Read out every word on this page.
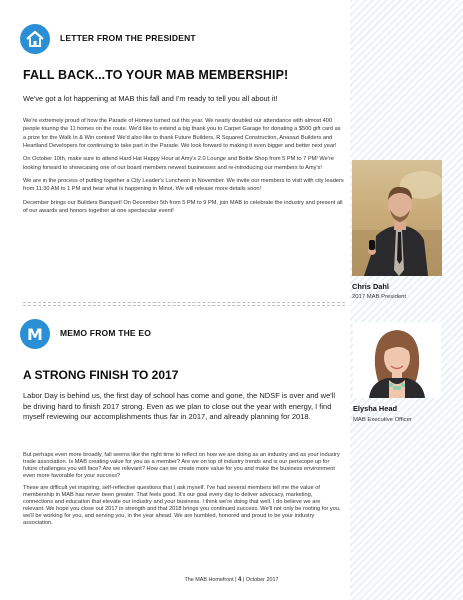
LETTER FROM THE PRESIDENT
FALL BACK...TO YOUR MAB MEMBERSHIP!
We've got a lot happening at MAB this fall and I'm ready to tell you all about it!

We're extremely proud of how the Parade of Homes turned out this year. We nearly doubled our attendance with almost 400 people touring the 11 homes on the route. We'd like to extend a big thank you to Carpet Garage for donating a $500 gift card as a prize for the Walk In & Win contest! We'd also like to thank Future Builders, R Squared Construction, Anasazi Builders and Heartland Developers for continuing to take part in the Parade. We look forward to making it even bigger and better next year!

On October 10th, make sure to attend Hard Hat Happy Hour at Amy's 2.0 Lounge and Bottle Shop from 5 PM to 7 PM! We're looking forward to showcasing one of our board members newest businesses and re-introducing our members to Amy's!

We are in the process of putting together a City Leader's Luncheon in November. We invite our members to visit with city leaders from 11:30 AM to 1 PM and hear what is happening in Minot. We will release more details soon!

December brings our Builders Banquet! On December 5th from 5 PM to 9 PM, join MAB to celebrate the industry and present all of our awards and honors together at one spectacular event!

Chris Dahl
2017 MAB President
M MEMO FROM THE EO
A STRONG FINISH TO 2017
Labor Day is behind us, the first day of school has come and gone, the NDSF is over and we'll be driving hard to finish 2017 strong. Even as we plan to close out the year with energy, I find myself reviewing our accomplishments thus far in 2017, and already planning for 2018.

But perhaps even more broadly, fall seems like the right time to reflect on how we are doing as an industry and as your industry trade association. Is MAB creating value for you as a member? Are we on top of industry trends and is our periscope up for future challenges you will face? Are we relevant? How can we create more value for you and make the business environment even more favorable for your success?

These are difficult yet inspiring, self-reflective questions that I ask myself. I've had several members tell me the value of membership in MAB has never been greater. That feels good. It's our goal every day to deliver advocacy, marketing, connections and education that elevate our industry and your business. I think we're doing that well. I do believe we are relevant. We hope you close out 2017 in strength and that 2018 brings you continued success. We'll not only be rooting for you, we'll be working for you, and serving you, in the year ahead. We are humbled, honored and proud to be your industry association.

Elysha Head
MAB Executive Officer
The MAB Homefront | 4 | October 2017
